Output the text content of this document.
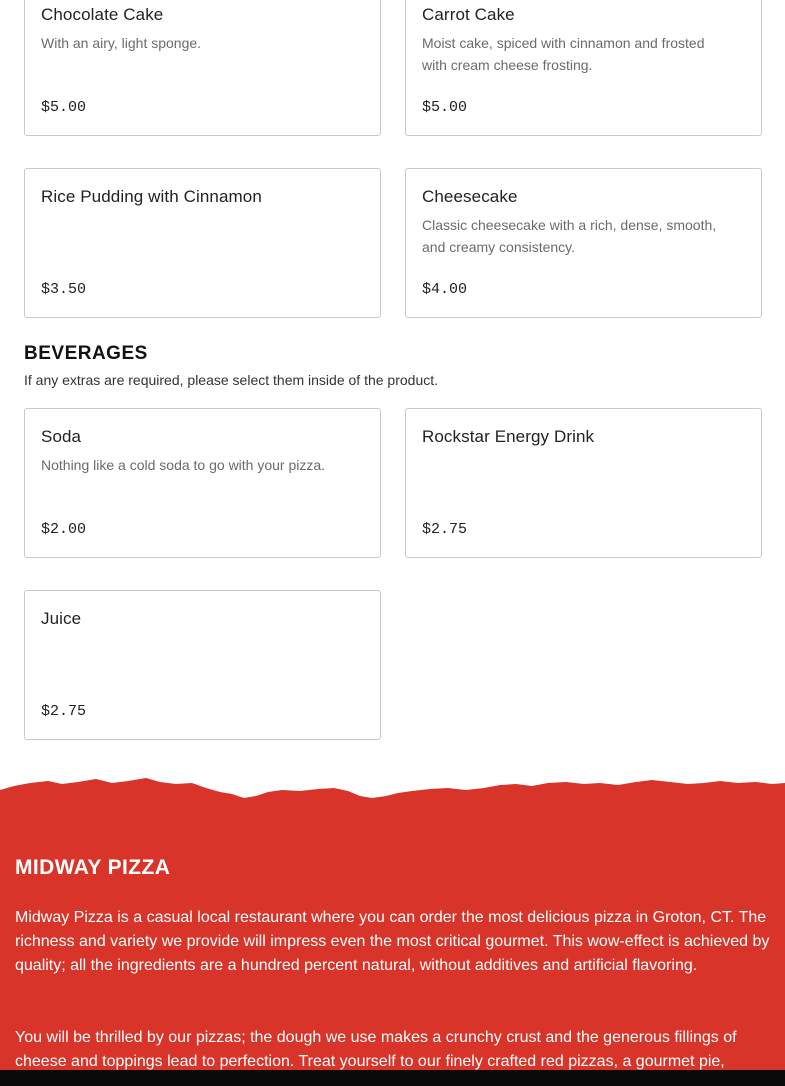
Chocolate Cake
With an airy, light sponge.
$5.00
Carrot Cake
Moist cake, spiced with cinnamon and frosted with cream cheese frosting.
$5.00
Rice Pudding with Cinnamon
$3.50
Cheesecake
Classic cheesecake with a rich, dense, smooth, and creamy consistency.
$4.00
BEVERAGES
If any extras are required, please select them inside of the product.
Soda
Nothing like a cold soda to go with your pizza.
$2.00
Rockstar Energy Drink
$2.75
Juice
$2.75
MIDWAY PIZZA

Midway Pizza is a casual local restaurant where you can order the most delicious pizza in Groton, CT. The richness and variety we provide will impress even the most critical gourmet. This wow-effect is achieved by quality; all the ingredients are a hundred percent natural, without additives and artificial flavoring.

You will be thrilled by our pizzas; the dough we use makes a crunchy crust and the generous fillings of cheese and toppings lead to perfection. Treat yourself to our finely crafted red pizzas, a gourmet pie,
